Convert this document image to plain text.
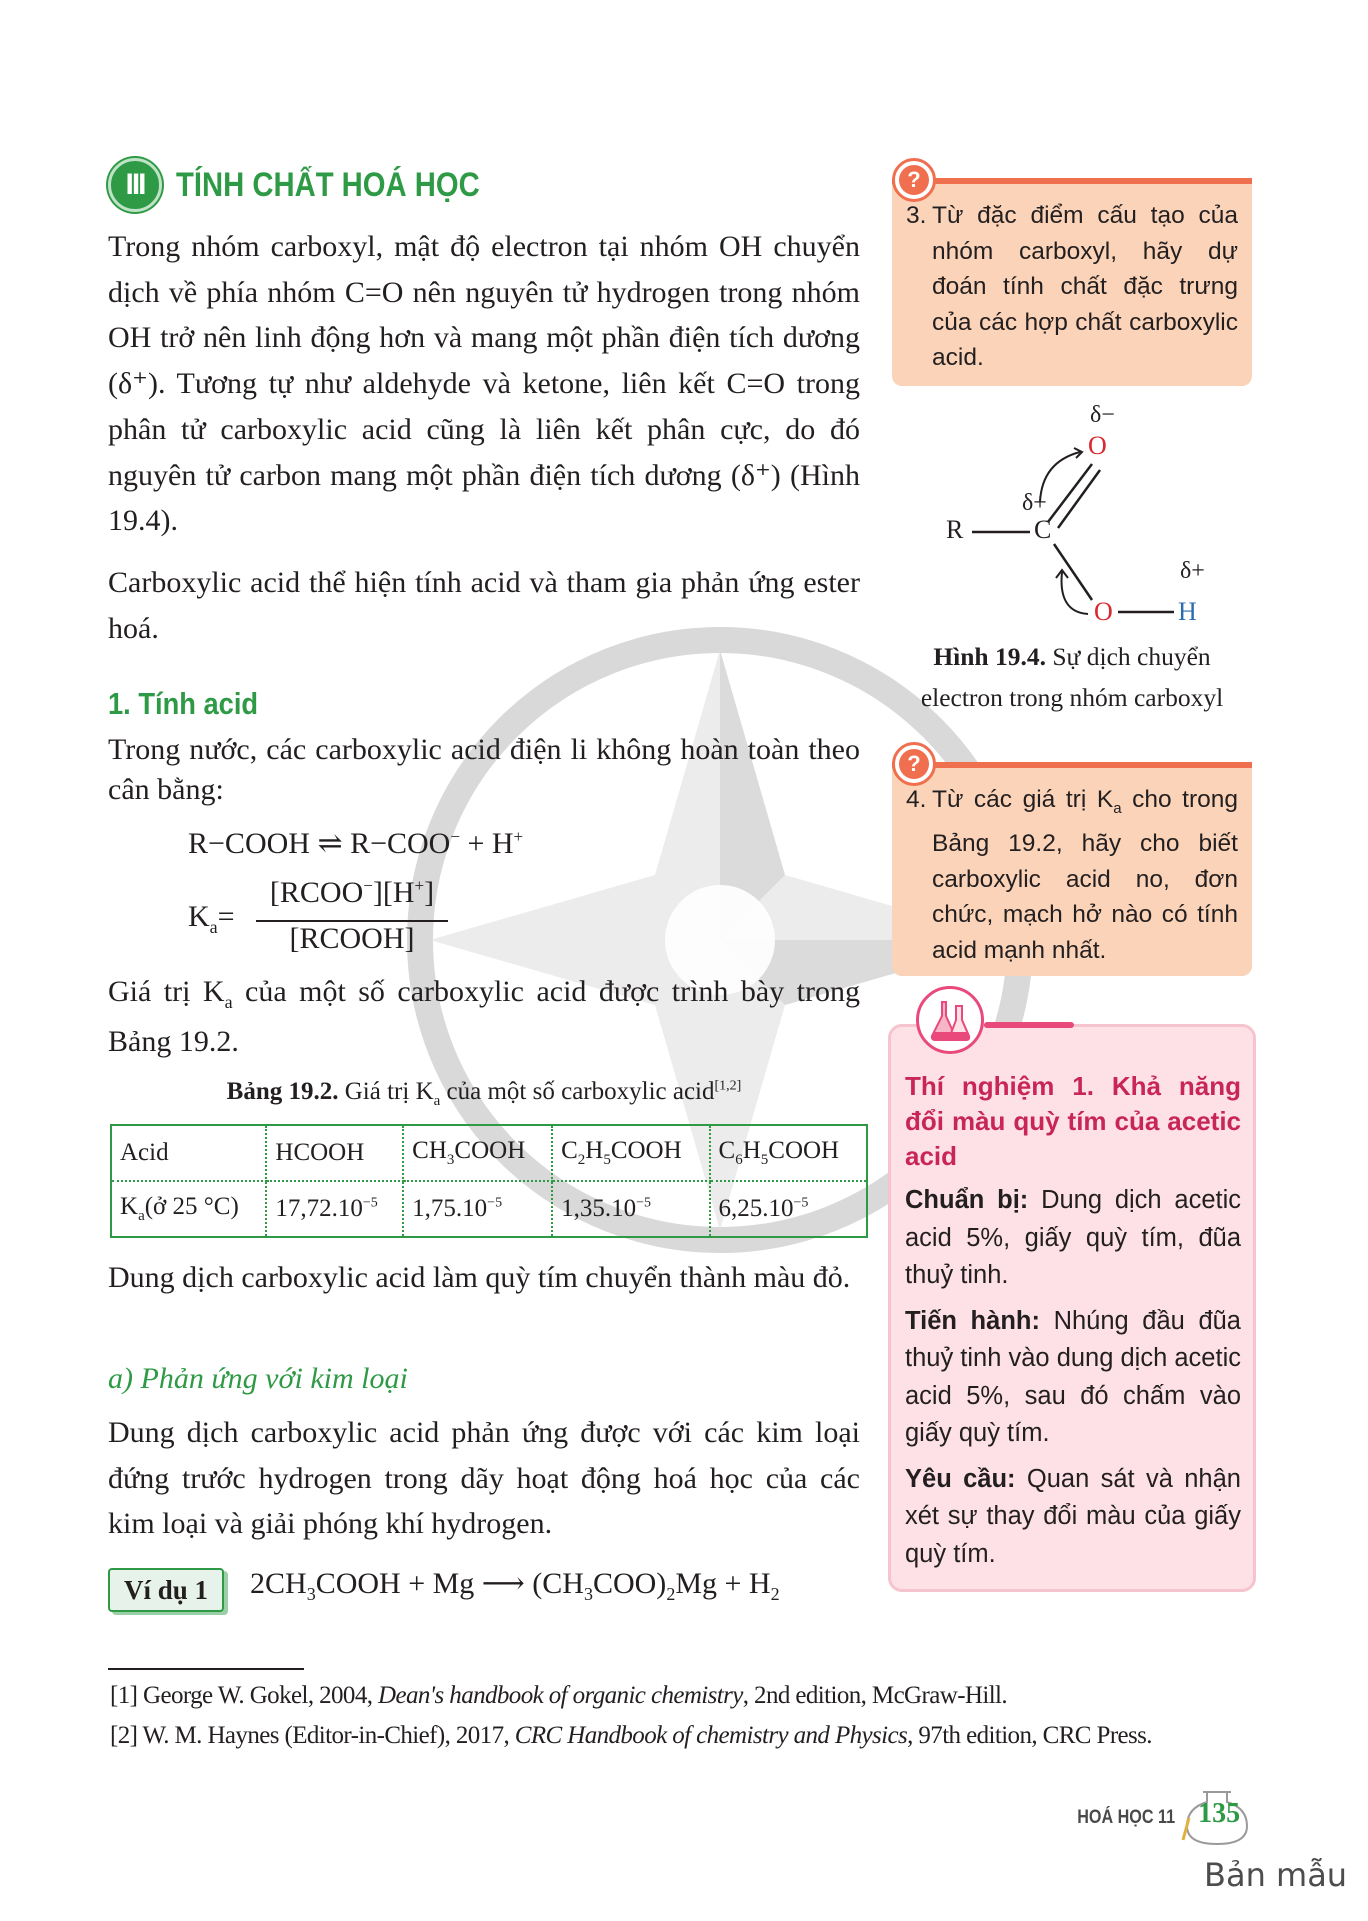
III TÍNH CHẤT HOÁ HỌC
Trong nhóm carboxyl, mật độ electron tại nhóm OH chuyển dịch về phía nhóm C=O nên nguyên tử hydrogen trong nhóm OH trở nên linh động hơn và mang một phần điện tích dương (δ⁺). Tương tự như aldehyde và ketone, liên kết C=O trong phân tử carboxylic acid cũng là liên kết phân cực, do đó nguyên tử carbon mang một phần điện tích dương (δ⁺) (Hình 19.4).
Carboxylic acid thể hiện tính acid và tham gia phản ứng ester hoá.
1. Tính acid
Trong nước, các carboxylic acid điện li không hoàn toàn theo cân bằng:
R−COOH ⇌ R−COO− + H+
$K_a=$
[RCOO−][H+]
[RCOOH]
Giá trị $K_a$ của một số carboxylic acid được trình bày trong Bảng 19.2.
Bảng 19.2. Giá trị $K_a$ của một số carboxylic acid[1,2]
Acid	HCOOH	$CH_3COOH$	$C_2H_5COOH$	$C_6H_5COOH$
$K_a(ở$ 25 °C)	$17,72.10^{-5}$	$1,75.10^{-5}$	$1,35.10^{-5}$	$6,25.10^{-5}$
Dung dịch carboxylic acid làm quỳ tím chuyển thành màu đỏ.
a) Phản ứng với kim loại
Dung dịch carboxylic acid phản ứng được với các kim loại đứng trước hydrogen trong dãy hoạt động hoá học của các kim loại và giải phóng khí hydrogen.
Ví dụ 1	$2CH_3COOH + Mg$ ⟶ $(CH_3COO)_2Mg + H_2$
[1] George W. Gokel, 2004, Dean's handbook of organic chemistry, 2nd edition, McGraw-Hill.
[2] W. M. Haynes (Editor-in-Chief), 2017, CRC Handbook of chemistry and Physics, 97th edition, CRC Press.
3. Từ đặc điểm cấu tạo của nhóm carboxyl, hãy dự đoán tính chất đặc trưng của các hợp chất carboxylic acid.
?
δ−
O
δ+
R	C
O
δ+
H
Hình 19.4. Sự dịch chuyển electron trong nhóm carboxyl
4. Từ các giá trị $K_a$ cho trong Bảng 19.2, hãy cho biết carboxylic acid no, đơn chức, mạch hở nào có tính acid mạnh nhất.
?
Thí nghiệm 1. Khả năng đổi màu quỳ tím của acetic acid

Chuẩn bị: Dung dịch acetic acid 5%, giấy quỳ tím, đũa thuỷ tinh.

Tiến hành: Nhúng đầu đũa thuỷ tinh vào dung dịch acetic acid 5%, sau đó chấm vào giấy quỳ tím.

Yêu cầu: Quan sát và nhận xét sự thay đổi màu của giấy quỳ tím.

HOÁ HỌC 11 135
Bản mẫu
